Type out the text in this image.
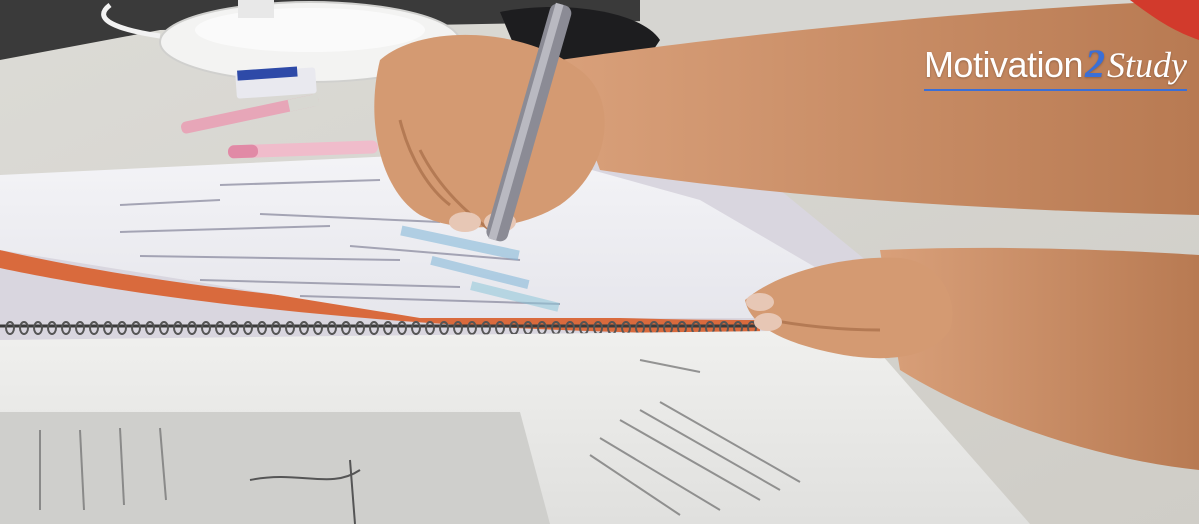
Motivation 2 Study
